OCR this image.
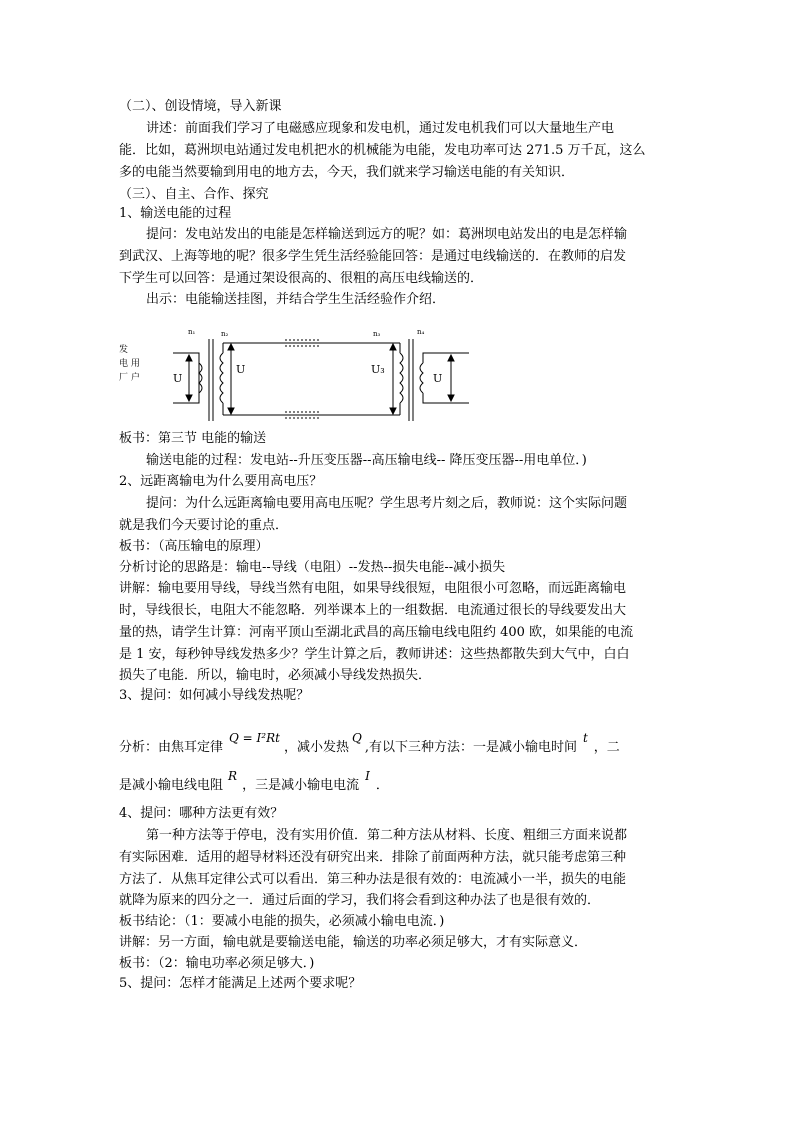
（二）、创设情境，导入新课
讲述：前面我们学习了电磁感应现象和发电机，通过发电机我们可以大量地生产电
能．比如，葛洲坝电站通过发电机把水的机械能为电能，发电功率可达 271.5 万千瓦，这么
多的电能当然要输到用电的地方去，今天，我们就来学习输送电能的有关知识．
（三）、自主、合作、探究
1、输送电能的过程
提问：发电站发出的电能是怎样输送到远方的呢？如：葛洲坝电站发出的电是怎样输
到武汉、上海等地的呢？很多学生凭生活经验能回答：是通过电线输送的．在教师的启发
下学生可以回答：是通过架设很高的、很粗的高压电线输送的．
出示：电能输送挂图，并结合学生生活经验作介绍．
发
电 用
厂 户
n₁	n₂	n₃	n₄
U
U	U₃
U
板书：第三节 电能的输送
输送电能的过程：发电站--升压变压器--高压输电线-- 降压变压器--用电单位．)
2、远距离输电为什么要用高电压？
提问：为什么远距离输电要用高电压呢？学生思考片刻之后，教师说：这个实际问题
就是我们今天要讨论的重点．
板书：（高压输电的原理）
分析讨论的思路是：输电--导线（电阻）--发热--损失电能--减小损失
讲解：输电要用导线，导线当然有电阻，如果导线很短，电阻很小可忽略，而远距离输电
时，导线很长，电阻大不能忽略．列举课本上的一组数据．电流通过很长的导线要发出大
量的热，请学生计算：河南平顶山至湖北武昌的高压输电线电阻约 400 欧，如果能的电流
是 1 安，每秒钟导线发热多少？学生计算之后，教师讲述：这些热都散失到大气中，白白
损失了电能．所以，输电时，必须减小导线发热损失．
3、提问：如何减小导线发热呢？
分析：由焦耳定律Q = I²Rt，减小发热Q,有以下三种方法：一是减小输电时间t，二
是减小输电线电阻R，三是减小输电电流I．
4、提问：哪种方法更有效？
第一种方法等于停电，没有实用价值．第二种方法从材料、长度、粗细三方面来说都
有实际困难．适用的超导材料还没有研究出来．排除了前面两种方法，就只能考虑第三种
方法了．从焦耳定律公式可以看出．第三种办法是很有效的：电流减小一半，损失的电能
就降为原来的四分之一．通过后面的学习，我们将会看到这种办法了也是很有效的．
板书结论：（1：要减小电能的损失，必须减小输电电流．)
讲解：另一方面，输电就是要输送电能，输送的功率必须足够大，才有实际意义．
板书：（2：输电功率必须足够大．)
5、提问：怎样才能满足上述两个要求呢？
